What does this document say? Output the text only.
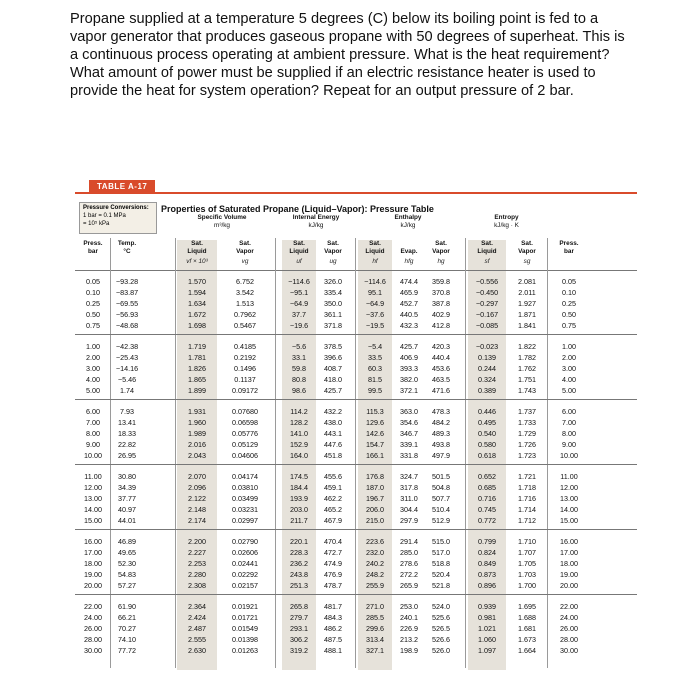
Propane supplied at a temperature 5 degrees (C) below its boiling point is fed to a vapor generator that produces gaseous propane with 50 degrees of superheat. This is a continuous process operating at ambient pressure. What is the heat requirement? What amount of power must be supplied if an electric resistance heater is used to provide the heat for system operation? Repeat for an output pressure of 2 bar.
TABLE A-17
Pressure Conversions:
1 bar = 0.1 MPa
= 10⁵ kPa
Properties of Saturated Propane (Liquid–Vapor): Pressure Table
Specific Volume
m³/kg
Internal Energy
kJ/kg
Enthalpy
kJ/kg
Entropy
kJ/kg · K
Press.
bar
Temp.
°C
Sat.
Liquid
vf × 10³
Sat.
Vapor
vg
Sat.
Liquid
uf
Sat.
Vapor
ug
Sat.
Liquid
hf
Evap.
hfg
Sat.
Vapor
hg
Sat.
Liquid
sf
Sat.
Vapor
sg
Press.
bar
0.05	−93.28	1.570	6.752	−114.6	326.0	−114.6	474.4	359.8	−0.556	2.081	0.05
0.10	−83.87	1.594	3.542	−95.1	335.4	95.1	465.9	370.8	−0.450	2.011	0.10
0.25	−69.55	1.634	1.513	−64.9	350.0	−64.9	452.7	387.8	−0.297	1.927	0.25
0.50	−56.93	1.672	0.7962	37.7	361.1	−37.6	440.5	402.9	−0.167	1.871	0.50
0.75	−48.68	1.698	0.5467	−19.6	371.8	−19.5	432.3	412.8	−0.085	1.841	0.75
1.00	−42.38	1.719	0.4185	−5.6	378.5	−5.4	425.7	420.3	−0.023	1.822	1.00
2.00	−25.43	1.781	0.2192	33.1	396.6	33.5	406.9	440.4	0.139	1.782	2.00
3.00	−14.16	1.826	0.1496	59.8	408.7	60.3	393.3	453.6	0.244	1.762	3.00
4.00	−5.46	1.865	0.1137	80.8	418.0	81.5	382.0	463.5	0.324	1.751	4.00
5.00	1.74	1.899	0.09172	98.6	425.7	99.5	372.1	471.6	0.389	1.743	5.00
6.00	7.93	1.931	0.07680	114.2	432.2	115.3	363.0	478.3	0.446	1.737	6.00
7.00	13.41	1.960	0.06598	128.2	438.0	129.6	354.6	484.2	0.495	1.733	7.00
8.00	18.33	1.989	0.05776	141.0	443.1	142.6	346.7	489.3	0.540	1.729	8.00
9.00	22.82	2.016	0.05129	152.9	447.6	154.7	339.1	493.8	0.580	1.726	9.00
10.00	26.95	2.043	0.04606	164.0	451.8	166.1	331.8	497.9	0.618	1.723	10.00
11.00	30.80	2.070	0.04174	174.5	455.6	176.8	324.7	501.5	0.652	1.721	11.00
12.00	34.39	2.096	0.03810	184.4	459.1	187.0	317.8	504.8	0.685	1.718	12.00
13.00	37.77	2.122	0.03499	193.9	462.2	196.7	311.0	507.7	0.716	1.716	13.00
14.00	40.97	2.148	0.03231	203.0	465.2	206.0	304.4	510.4	0.745	1.714	14.00
15.00	44.01	2.174	0.02997	211.7	467.9	215.0	297.9	512.9	0.772	1.712	15.00
16.00	46.89	2.200	0.02790	220.1	470.4	223.6	291.4	515.0	0.799	1.710	16.00
17.00	49.65	2.227	0.02606	228.3	472.7	232.0	285.0	517.0	0.824	1.707	17.00
18.00	52.30	2.253	0.02441	236.2	474.9	240.2	278.6	518.8	0.849	1.705	18.00
19.00	54.83	2.280	0.02292	243.8	476.9	248.2	272.2	520.4	0.873	1.703	19.00
20.00	57.27	2.308	0.02157	251.3	478.7	255.9	265.9	521.8	0.896	1.700	20.00
22.00	61.90	2.364	0.01921	265.8	481.7	271.0	253.0	524.0	0.939	1.695	22.00
24.00	66.21	2.424	0.01721	279.7	484.3	285.5	240.1	525.6	0.981	1.688	24.00
26.00	70.27	2.487	0.01549	293.1	486.2	299.6	226.9	526.5	1.021	1.681	26.00
28.00	74.10	2.555	0.01398	306.2	487.5	313.4	213.2	526.6	1.060	1.673	28.00
30.00	77.72	2.630	0.01263	319.2	488.1	327.1	198.9	526.0	1.097	1.664	30.00
